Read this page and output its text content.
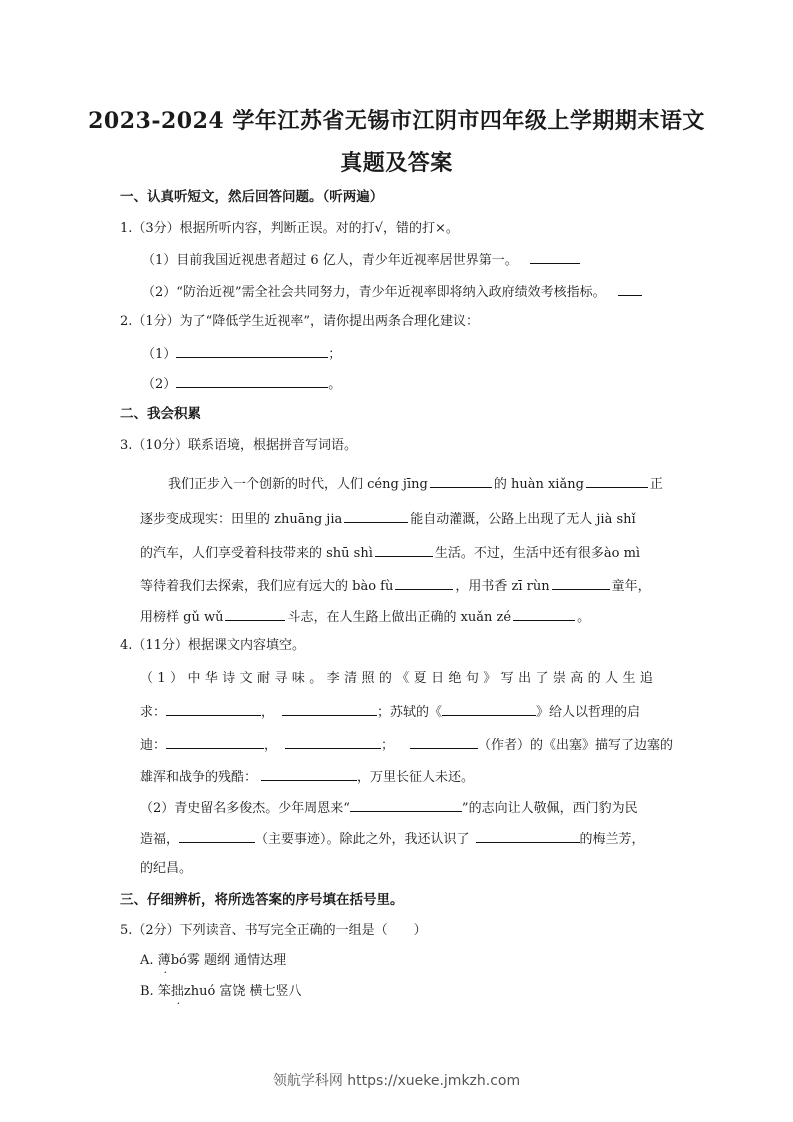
2023-2024 学年江苏省无锡市江阴市四年级上学期期末语文
真题及答案
一、认真听短文，然后回答问题。（听两遍）
1.（3分）根据所听内容，判断正误。对的打√，错的打×。
（1）目前我国近视患者超过 6 亿人，青少年近视率居世界第一。
（2）“防治近视”需全社会共同努力，青少年近视率即将纳入政府绩效考核指标。
2.（1分）为了“降低学生近视率”，请你提出两条合理化建议：
（1）	；
（2）	。
二、我会积累
3.（10分）联系语境，根据拼音写词语。
我们正步入一个创新的时代，人们 céng jīng	的 huàn xiǎng	正
逐步变成现实：田里的 zhuāng jia	能自动灌溉，公路上出现了无人 jià shǐ
的汽车，人们享受着科技带来的 shū shì	生活。不过，生活中还有很多ào mì
等待着我们去探索，我们应有远大的 bào fù	，用书香 zī rùn	童年，
用榜样 gǔ wǔ	斗志，在人生路上做出正确的 xuǎn zé	。
4.（11分）根据课文内容填空。
（1）中华诗文耐寻味。李清照的《夏日绝句》写出了崇高的人生追
求：	，	；苏轼的《	》给人以哲理的启
迪：	，	；	（作者）的《出塞》描写了边塞的
雄浑和战争的残酷：	，万里长征人未还。
（2）青史留名多俊杰。少年周恩来“	”的志向让人敬佩，西门豹为民
造福，	（主要事迹）。除此之外，我还认识了	的梅兰芳，
的纪昌。
三、仔细辨析，将所选答案的序号填在括号里。
5.（2分）下列读音、书写完全正确的一组是（　　）
A. 薄bó雾 题纲 通情达理
B. 笨拙zhuó 富饶 横七竖八
领航学科网 https://xueke.jmkzh.com
